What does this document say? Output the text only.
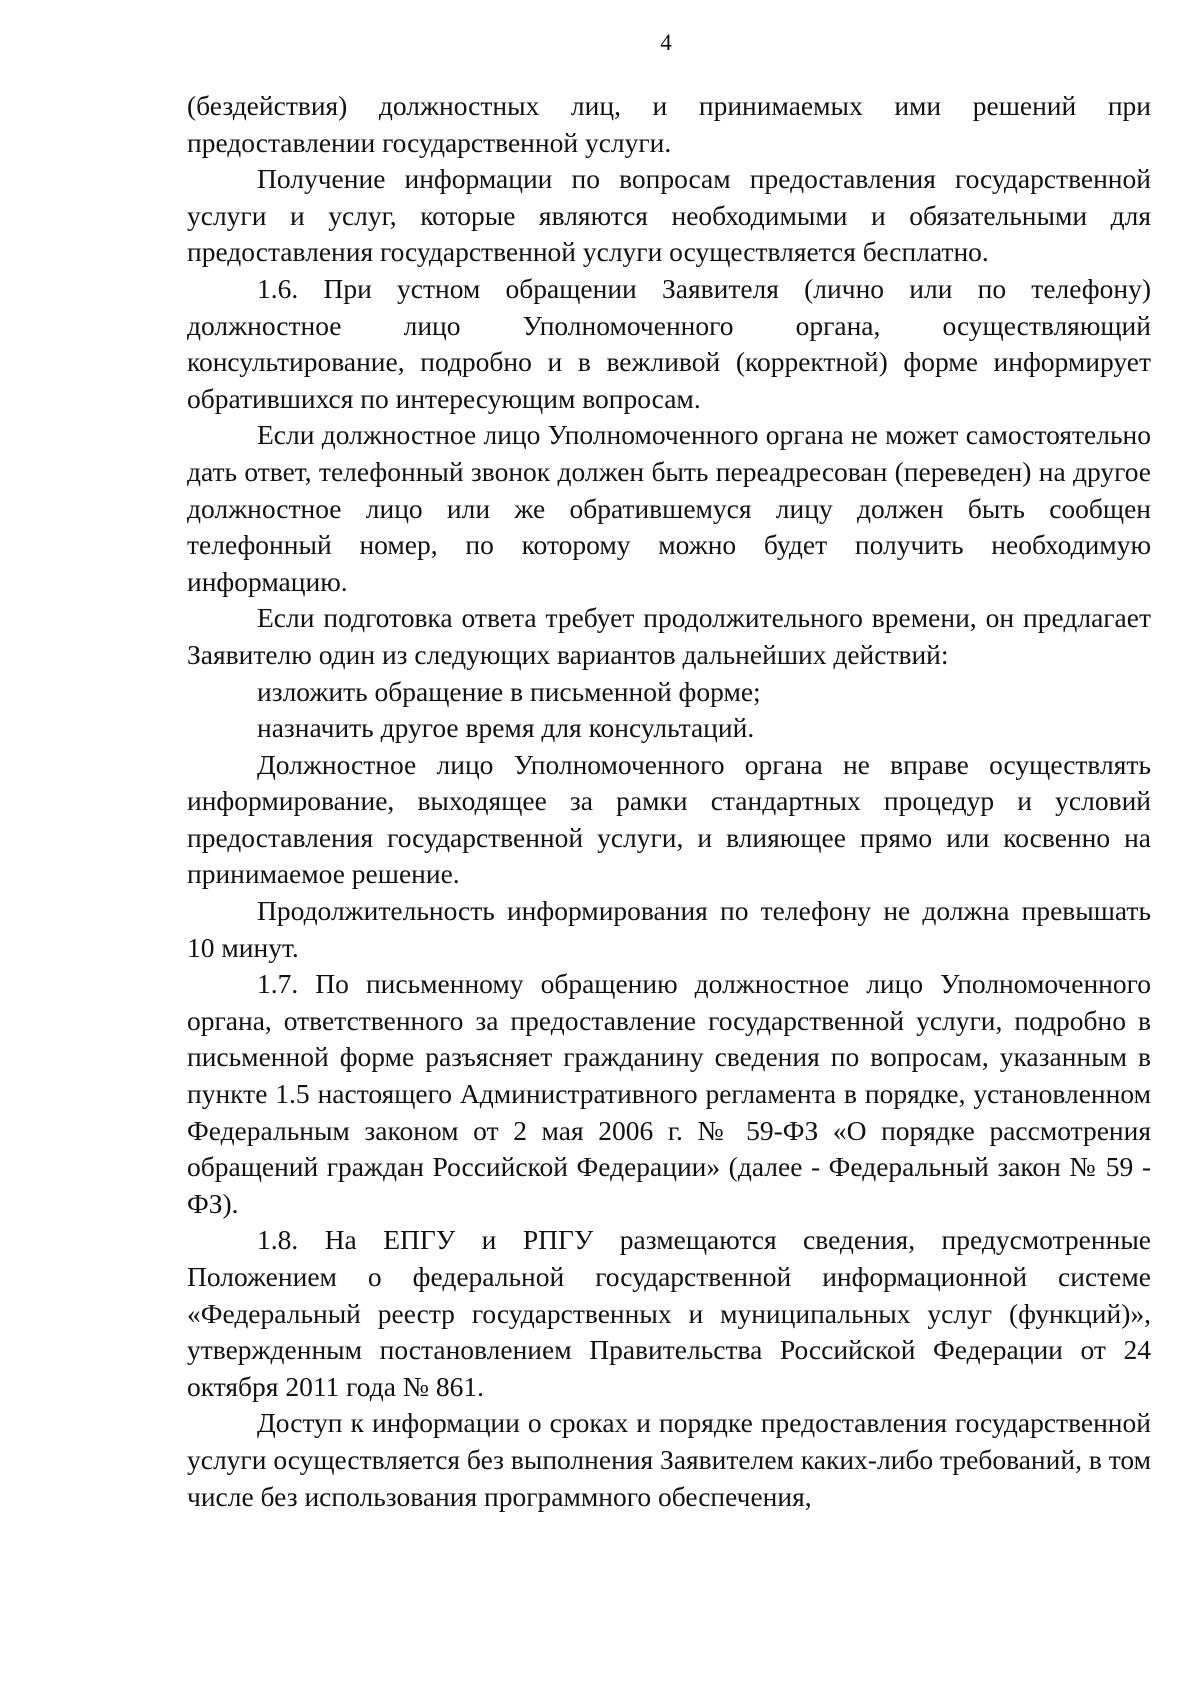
4

(бездействия) должностных лиц, и принимаемых ими решений при предоставлении государственной услуги.

Получение информации по вопросам предоставления государственной услуги и услуг, которые являются необходимыми и обязательными для предоставления государственной услуги осуществляется бесплатно.

1.6. При устном обращении Заявителя (лично или по телефону) должностное лицо Уполномоченного органа, осуществляющий консультирование, подробно и в вежливой (корректной) форме информирует обратившихся по интересующим вопросам.

Если должностное лицо Уполномоченного органа не может самостоятельно дать ответ, телефонный звонок должен быть переадресован (переведен) на другое должностное лицо или же обратившемуся лицу должен быть сообщен телефонный номер, по которому можно будет получить необходимую информацию.

Если подготовка ответа требует продолжительного времени, он предлагает Заявителю один из следующих вариантов дальнейших действий:

изложить обращение в письменной форме;

назначить другое время для консультаций.

Должностное лицо Уполномоченного органа не вправе осуществлять информирование, выходящее за рамки стандартных процедур и условий предоставления государственной услуги, и влияющее прямо или косвенно на принимаемое решение.

Продолжительность информирования по телефону не должна превышать 10 минут.

1.7. По письменному обращению должностное лицо Уполномоченного органа, ответственного за предоставление государственной услуги, подробно в письменной форме разъясняет гражданину сведения по вопросам, указанным в пункте 1.5 настоящего Административного регламента в порядке, установленном Федеральным законом от 2 мая 2006 г. № 59-ФЗ «О порядке рассмотрения обращений граждан Российской Федерации» (далее - Федеральный закон № 59 - ФЗ).

1.8. На ЕПГУ и РПГУ размещаются сведения, предусмотренные Положением о федеральной государственной информационной системе «Федеральный реестр государственных и муниципальных услуг (функций)», утвержденным постановлением Правительства Российской Федерации от 24 октября 2011 года № 861.

Доступ к информации о сроках и порядке предоставления государственной услуги осуществляется без выполнения Заявителем каких-либо требований, в том числе без использования программного обеспечения,
